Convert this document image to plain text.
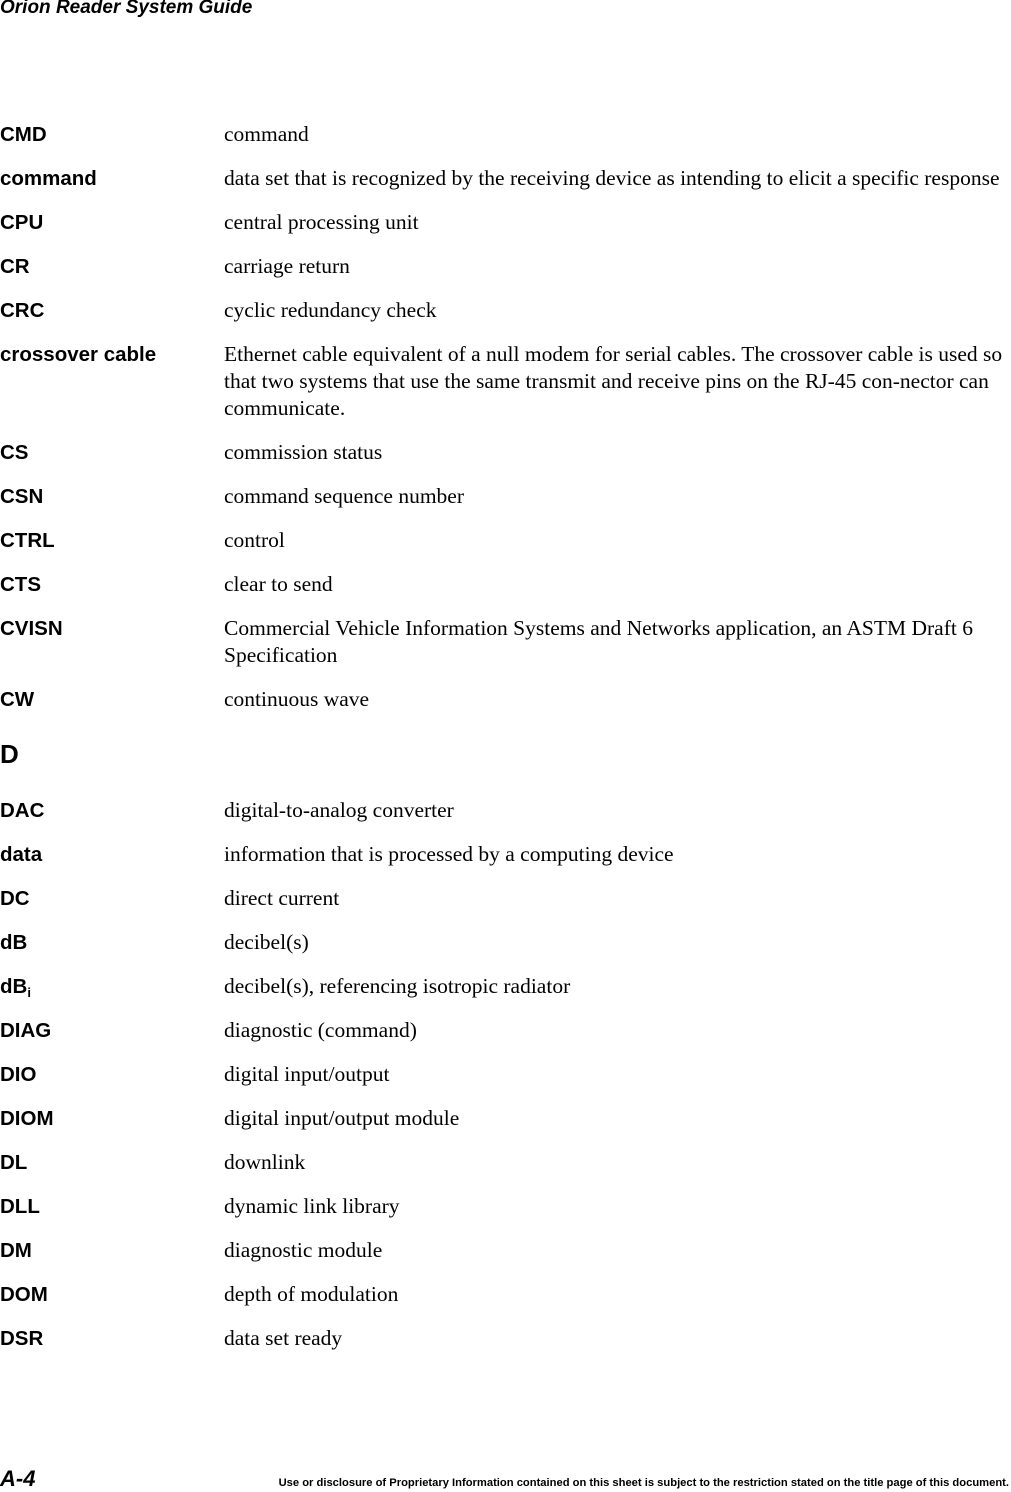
Orion Reader System Guide
CMD	command
command	data set that is recognized by the receiving device as intending to elicit a specific response
CPU	central processing unit
CR	carriage return
CRC	cyclic redundancy check
crossover cable	Ethernet cable equivalent of a null modem for serial cables. The crossover cable is used so that two systems that use the same transmit and receive pins on the RJ-45 con-nector can communicate.
CS	commission status
CSN	command sequence number
CTRL	control
CTS	clear to send
CVISN	Commercial Vehicle Information Systems and Networks application, an ASTM Draft 6 Specification
CW	continuous wave
D
DAC	digital-to-analog converter
data	information that is processed by a computing device
DC	direct current
dB	decibel(s)
$dB_i$	decibel(s), referencing isotropic radiator
DIAG	diagnostic (command)
DIO	digital input/output
DIOM	digital input/output module
DL	downlink
DLL	dynamic link library
DM	diagnostic module
DOM	depth of modulation
DSR	data set ready
A-4	Use or disclosure of Proprietary Information contained on this sheet is subject to the restriction stated on the title page of this document.
